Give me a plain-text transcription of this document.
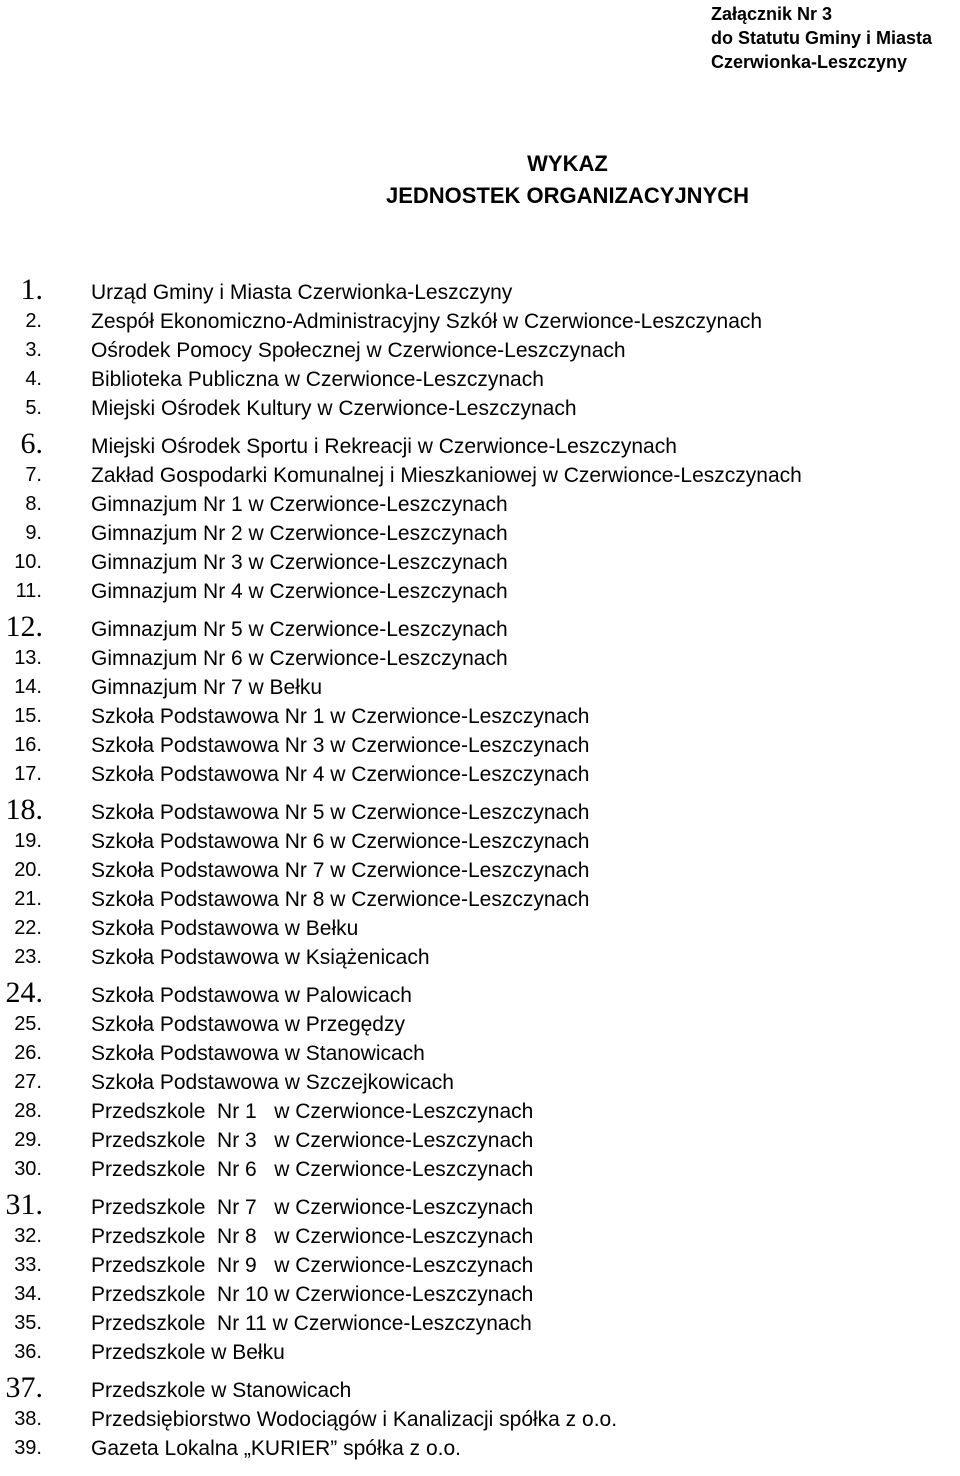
Załącznik Nr 3
do Statutu Gminy i Miasta
Czerwionka-Leszczyny
WYKAZ
JEDNOSTEK ORGANIZACYJNYCH
1. Urząd Gminy i Miasta Czerwionka-Leszczyny
2. Zespół Ekonomiczno-Administracyjny Szkół w Czerwionce-Leszczynach
3. Ośrodek Pomocy Społecznej w Czerwionce-Leszczynach
4. Biblioteka Publiczna w Czerwionce-Leszczynach
5. Miejski Ośrodek Kultury w Czerwionce-Leszczynach
6. Miejski Ośrodek Sportu i Rekreacji w Czerwionce-Leszczynach
7. Zakład Gospodarki Komunalnej i Mieszkaniowej w Czerwionce-Leszczynach
8. Gimnazjum Nr 1 w Czerwionce-Leszczynach
9. Gimnazjum Nr 2 w Czerwionce-Leszczynach
10. Gimnazjum Nr 3 w Czerwionce-Leszczynach
11. Gimnazjum Nr 4 w Czerwionce-Leszczynach
12. Gimnazjum Nr 5 w Czerwionce-Leszczynach
13. Gimnazjum Nr 6 w Czerwionce-Leszczynach
14. Gimnazjum Nr 7 w Bełku
15. Szkoła Podstawowa Nr 1 w Czerwionce-Leszczynach
16. Szkoła Podstawowa Nr 3 w Czerwionce-Leszczynach
17. Szkoła Podstawowa Nr 4 w Czerwionce-Leszczynach
18. Szkoła Podstawowa Nr 5 w Czerwionce-Leszczynach
19. Szkoła Podstawowa Nr 6 w Czerwionce-Leszczynach
20. Szkoła Podstawowa Nr 7 w Czerwionce-Leszczynach
21. Szkoła Podstawowa Nr 8 w Czerwionce-Leszczynach
22. Szkoła Podstawowa w Bełku
23. Szkoła Podstawowa w Książenicach
24. Szkoła Podstawowa w Palowicach
25. Szkoła Podstawowa w Przegędzy
26. Szkoła Podstawowa w Stanowicach
27. Szkoła Podstawowa w Szczejkowicach
28. Przedszkole  Nr 1   w Czerwionce-Leszczynach
29. Przedszkole  Nr 3   w Czerwionce-Leszczynach
30. Przedszkole  Nr 6   w Czerwionce-Leszczynach
31. Przedszkole  Nr 7   w Czerwionce-Leszczynach
32. Przedszkole  Nr 8   w Czerwionce-Leszczynach
33. Przedszkole  Nr 9   w Czerwionce-Leszczynach
34. Przedszkole  Nr 10 w Czerwionce-Leszczynach
35. Przedszkole  Nr 11 w Czerwionce-Leszczynach
36. Przedszkole w Bełku
37. Przedszkole w Stanowicach
38. Przedsiębiorstwo Wodociągów i Kanalizacji spółka z o.o.
39. Gazeta Lokalna „KURIER” spółka z o.o.
